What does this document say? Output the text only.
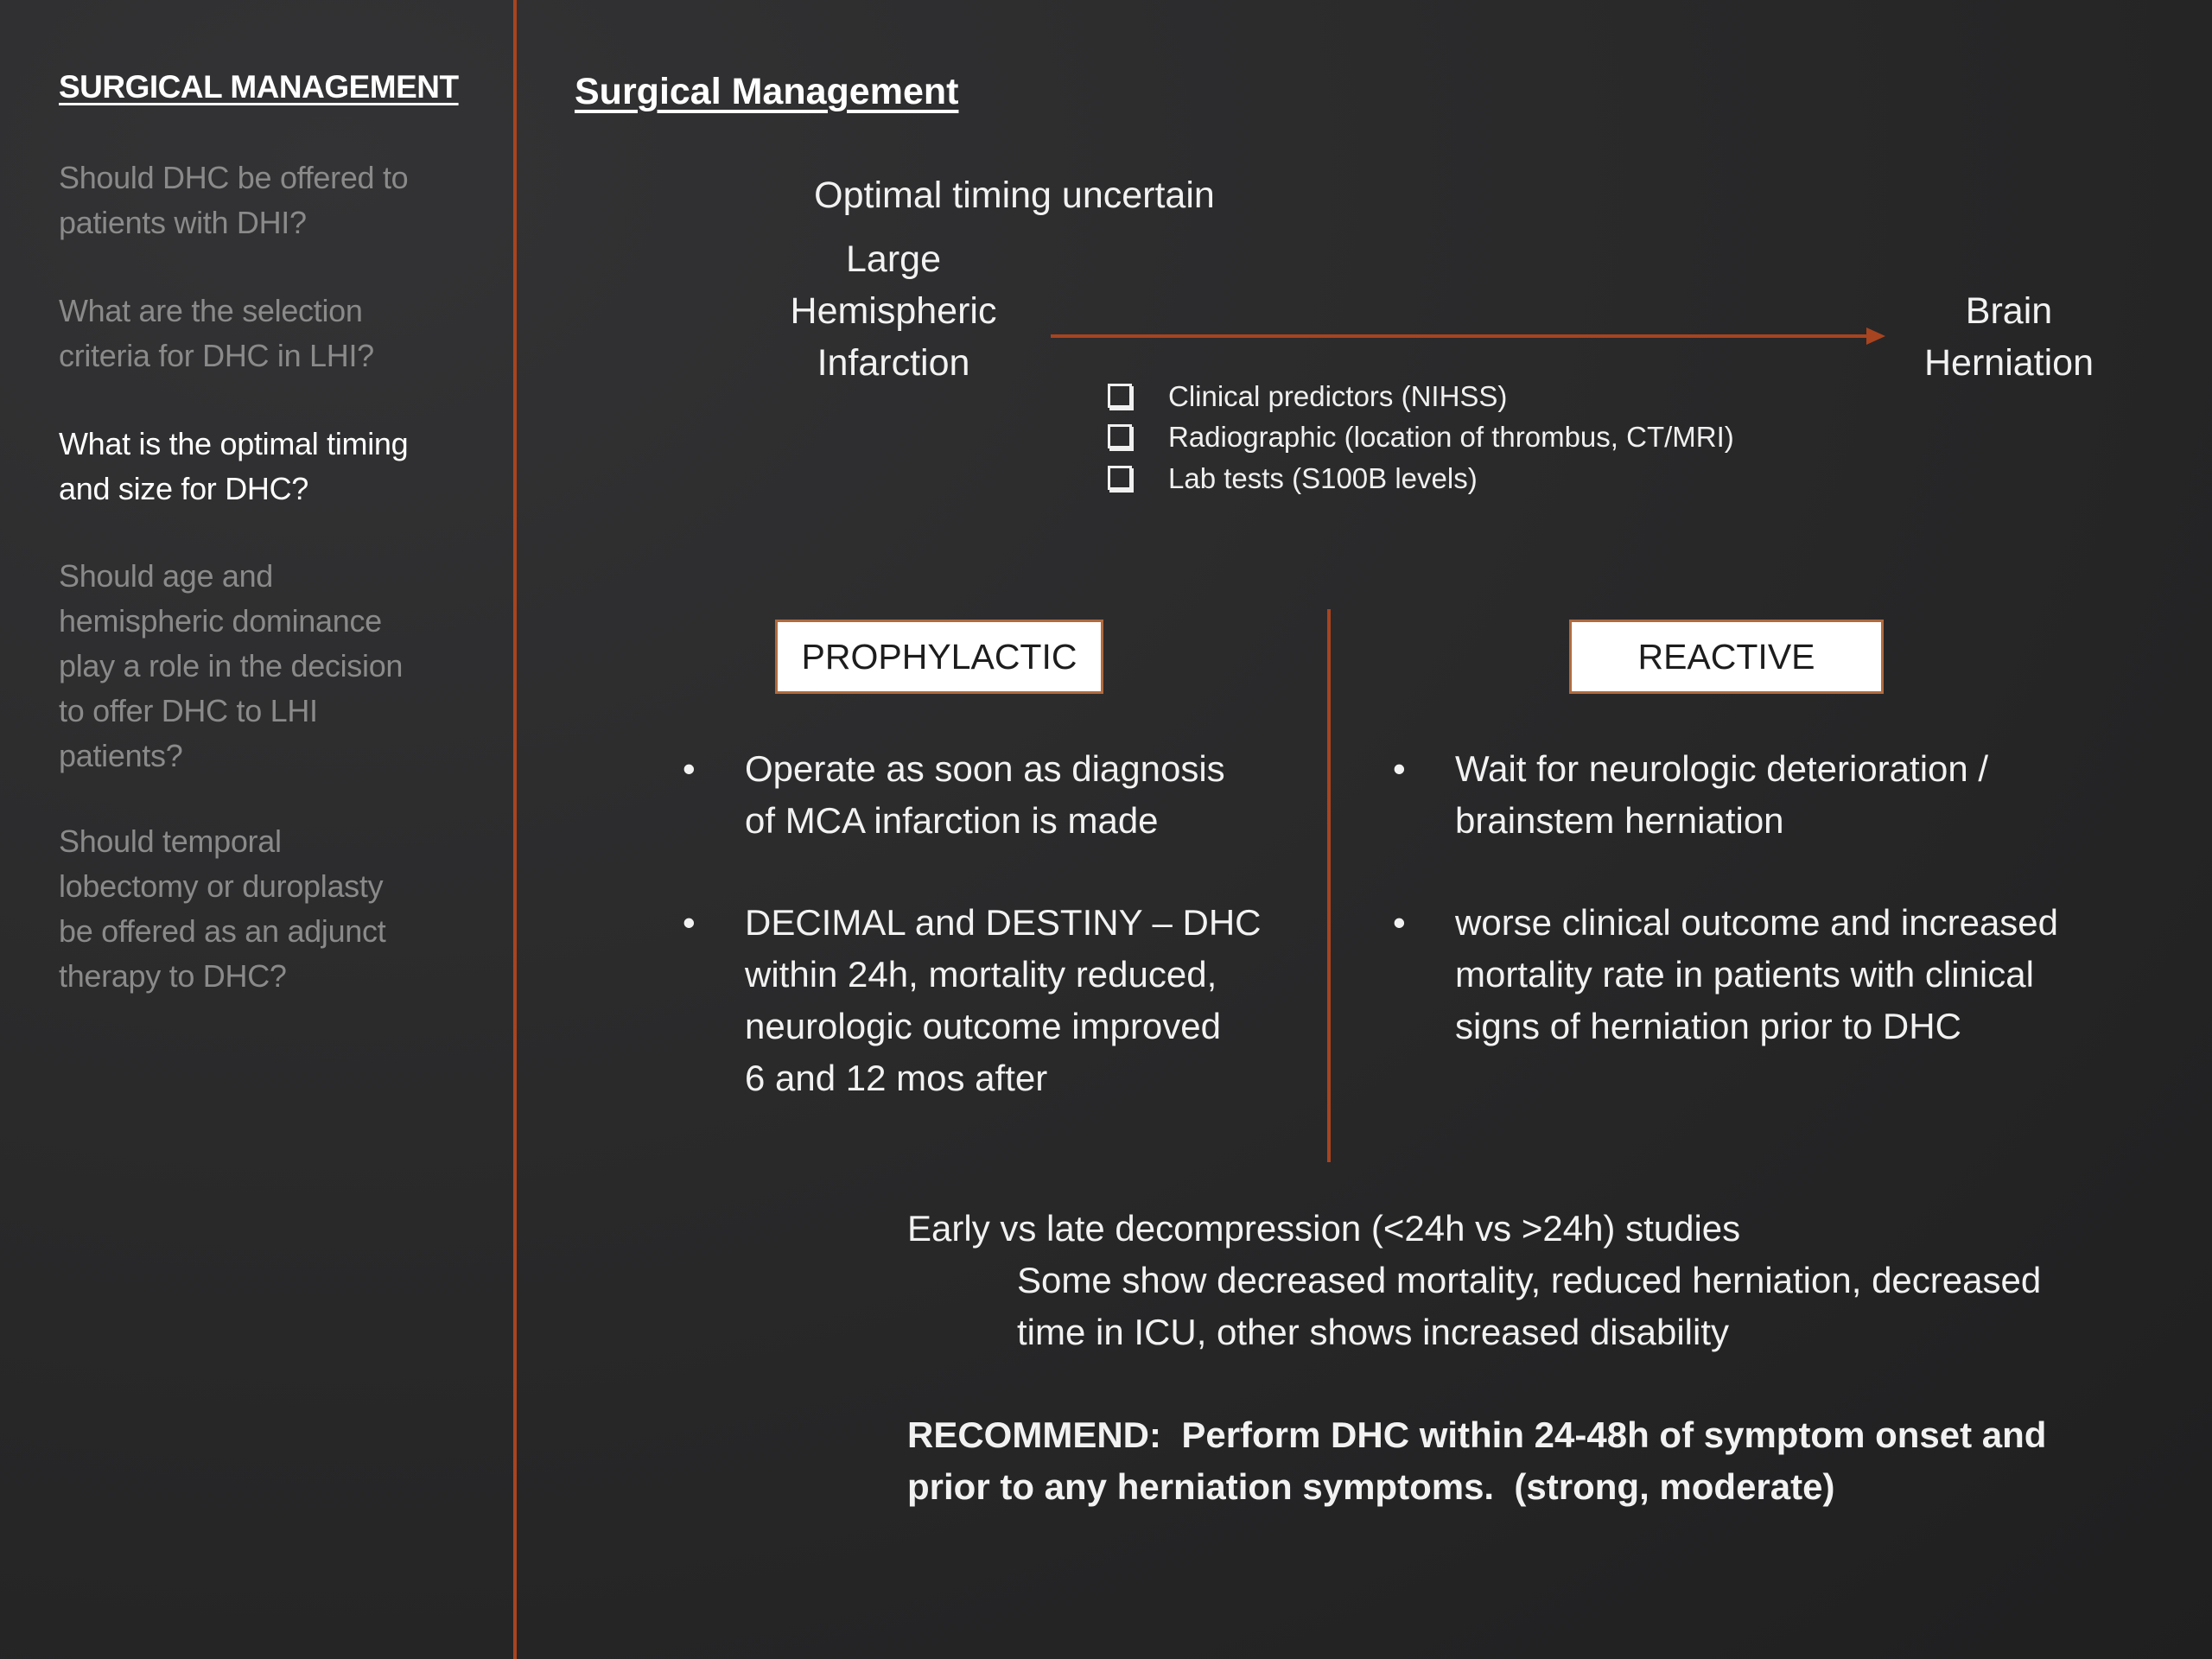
SURGICAL MANAGEMENT
Should DHC be offered to
patients with DHI?
What are the selection
criteria for DHC in LHI?
What is the optimal timing
and size for DHC?
Should age and
hemispheric dominance
play a role in the decision
to offer DHC to LHI
patients?
Should temporal
lobectomy or duroplasty
be offered as an adjunct
therapy to DHC?
Surgical Management
Optimal timing uncertain
Large
Hemispheric
Infarction
Brain
Herniation
Clinical predictors (NIHSS)
Radiographic (location of thrombus, CT/MRI)
Lab tests (S100B levels)
PROPHYLACTIC	REACTIVE
• Operate as soon as diagnosis
of MCA infarction is made
• DECIMAL and DESTINY – DHC
within 24h, mortality reduced,
neurologic outcome improved
6 and 12 mos after
• Wait for neurologic deterioration /
brainstem herniation
• worse clinical outcome and increased
mortality rate in patients with clinical
signs of herniation prior to DHC
Early vs late decompression (<24h vs >24h) studies
Some show decreased mortality, reduced herniation, decreased
time in ICU, other shows increased disability
RECOMMEND:  Perform DHC within 24-48h of symptom onset and
prior to any herniation symptoms.  (strong, moderate)
